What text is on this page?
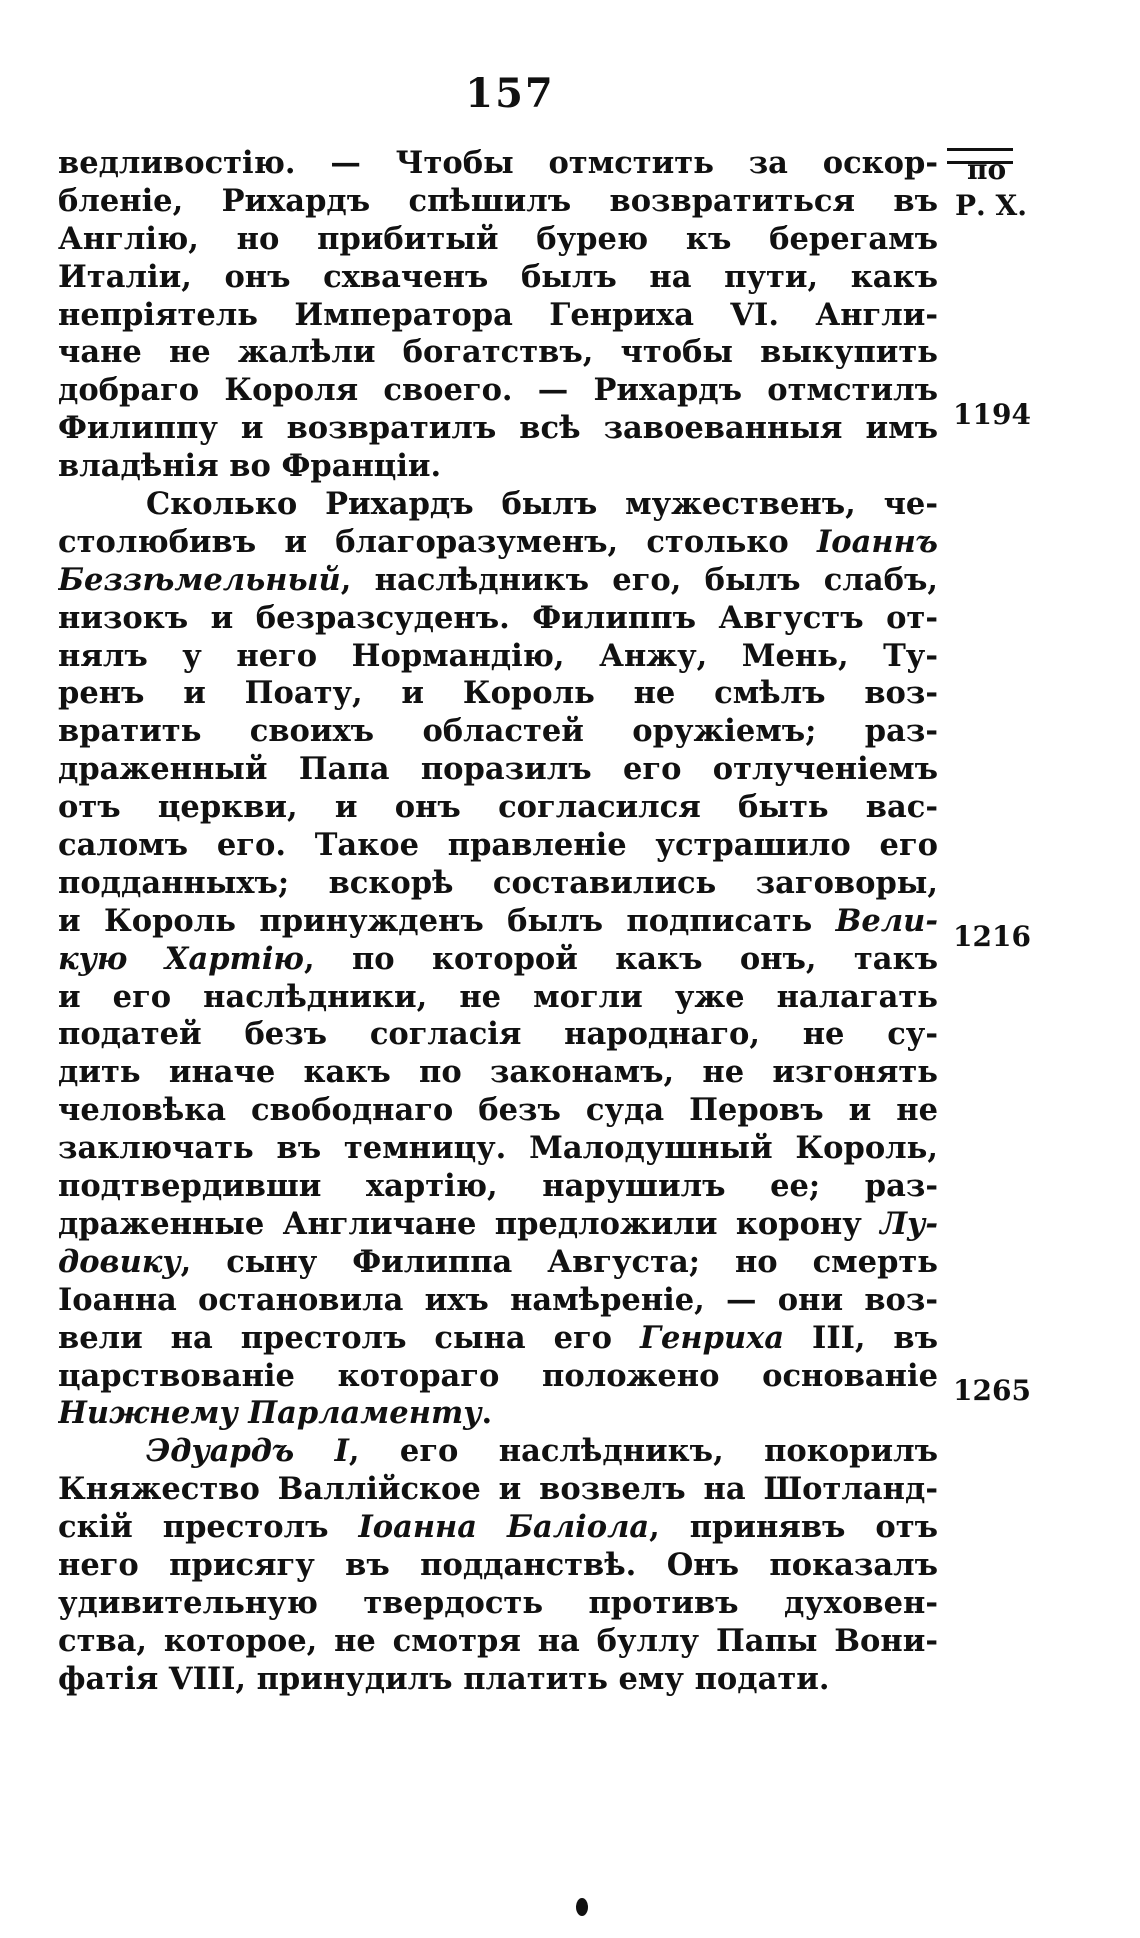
157
по
Р. Х.
1194
1216
1265
ведливостію. — Чтобы отмстить за оскор-
бленіе, Рихардъ спѣшилъ возвратиться въ
Англію, но прибитый бурею къ берегамъ
Италіи, онъ схваченъ былъ на пути, какъ
непріятель Императора Генриха VI. Англи-
чане не жалѣли богатствъ, чтобы выкупить
добраго Короля своего. — Рихардъ отмстилъ
Филиппу и возвратилъ всѣ завоеванныя имъ
владѣнія во Франціи.
Сколько Рихардъ былъ мужественъ, че-
столюбивъ и благоразуменъ, столько Іоаннъ
Беззѣмельный, наслѣдникъ его, былъ слабъ,
низокъ и безразсуденъ. Филиппъ Августъ от-
нялъ у него Нормандію, Анжу, Мень, Ту-
ренъ и Поату, и Король не смѣлъ воз-
вратить своихъ областей оружіемъ; раз-
драженный Папа поразилъ его отлученіемъ
отъ церкви, и онъ согласился быть вас-
саломъ его. Такое правленіе устрашило его
подданныхъ; вскорѣ составились заговоры,
и Король принужденъ былъ подписать Вели-
кую Хартію, по которой какъ онъ, такъ
и его наслѣдники, не могли уже налагать
податей безъ согласія народнаго, не су-
дить иначе какъ по законамъ, не изгонять
человѣка свободнаго безъ суда Перовъ и не
заключать въ темницу. Малодушный Король,
подтвердивши хартію, нарушилъ ее; раз-
драженные Англичане предложили корону Лу-
довику, сыну Филиппа Августа; но смерть
Іоанна остановила ихъ намѣреніе, — они воз-
вели на престолъ сына его Генриха III, въ
царствованіе котораго положено основаніе
Нижнему Парламенту.
Эдуардъ I, его наслѣдникъ, покорилъ
Княжество Валлійское и возвелъ на Шотланд-
скій престолъ Іоанна Баліола, принявъ отъ
него присягу въ подданствѣ. Онъ показалъ
удивительную твердость противъ духовен-
ства, которое, не смотря на буллу Папы Вони-
фатія VIII, принудилъ платить ему подати.
